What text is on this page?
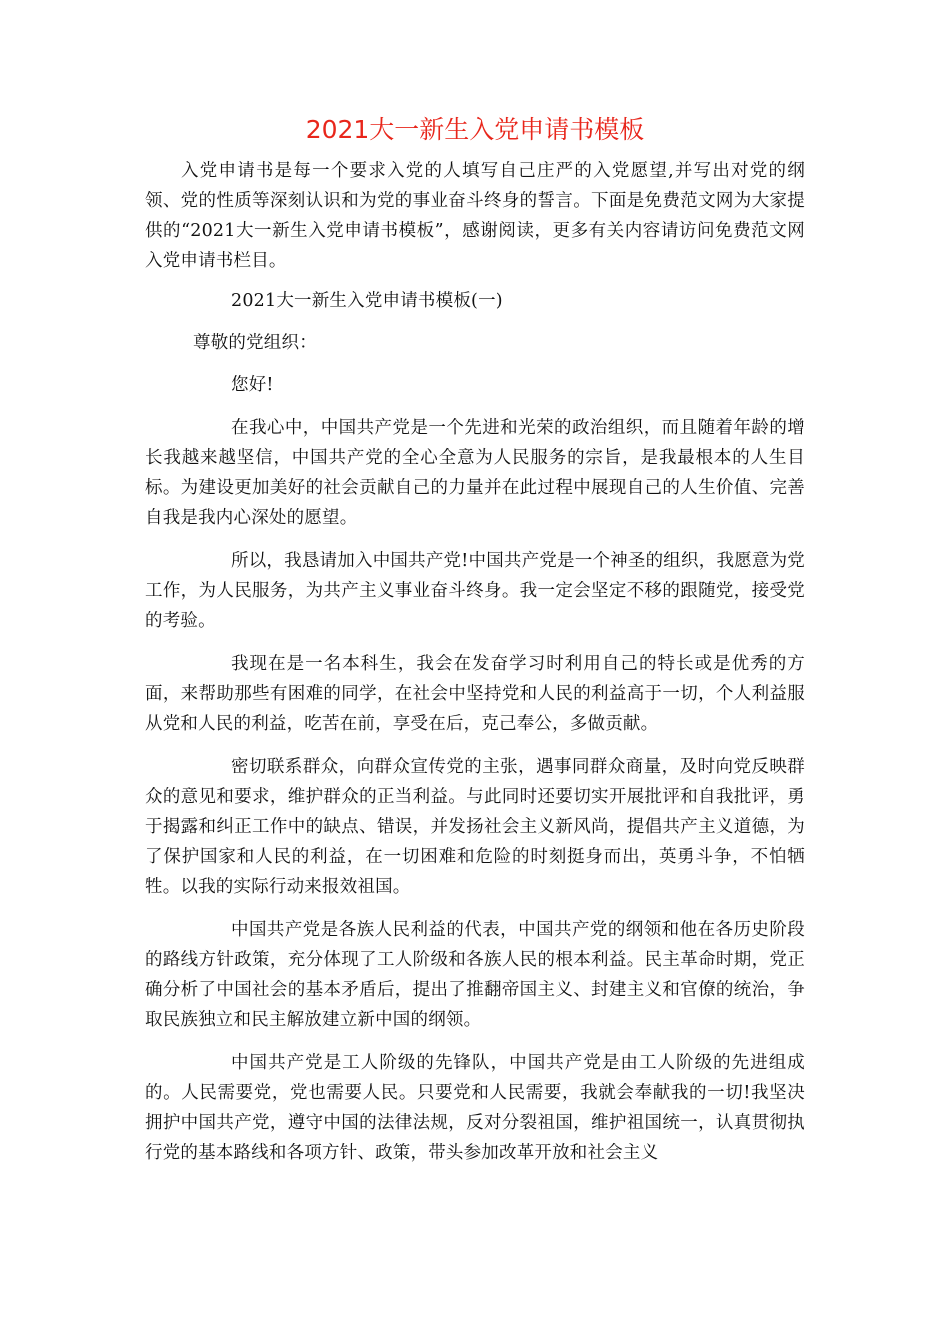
2021大一新生入党申请书模板

入党申请书是每一个要求入党的人填写自己庄严的入党愿望,并写出对党的纲领、党的性质等深刻认识和为党的事业奋斗终身的誓言。下面是免费范文网为大家提供的“2021大一新生入党申请书模板”，感谢阅读，更多有关内容请访问免费范文网入党申请书栏目。

2021大一新生入党申请书模板(一)

尊敬的党组织：

您好!

在我心中，中国共产党是一个先进和光荣的政治组织，而且随着年龄的增长我越来越坚信，中国共产党的全心全意为人民服务的宗旨，是我最根本的人生目标。为建设更加美好的社会贡献自己的力量并在此过程中展现自己的人生价值、完善自我是我内心深处的愿望。

所以，我恳请加入中国共产党!中国共产党是一个神圣的组织，我愿意为党工作，为人民服务，为共产主义事业奋斗终身。我一定会坚定不移的跟随党，接受党的考验。

我现在是一名本科生，我会在发奋学习时利用自己的特长或是优秀的方面，来帮助那些有困难的同学，在社会中坚持党和人民的利益高于一切，个人利益服从党和人民的利益，吃苦在前，享受在后，克己奉公，多做贡献。

密切联系群众，向群众宣传党的主张，遇事同群众商量，及时向党反映群众的意见和要求，维护群众的正当利益。与此同时还要切实开展批评和自我批评，勇于揭露和纠正工作中的缺点、错误，并发扬社会主义新风尚，提倡共产主义道德，为了保护国家和人民的利益，在一切困难和危险的时刻挺身而出，英勇斗争，不怕牺牲。以我的实际行动来报效祖国。

中国共产党是各族人民利益的代表，中国共产党的纲领和他在各历史阶段的路线方针政策，充分体现了工人阶级和各族人民的根本利益。民主革命时期，党正确分析了中国社会的基本矛盾后，提出了推翻帝国主义、封建主义和官僚的统治，争取民族独立和民主解放建立新中国的纲领。

中国共产党是工人阶级的先锋队，中国共产党是由工人阶级的先进组成的。人民需要党，党也需要人民。只要党和人民需要，我就会奉献我的一切!我坚决拥护中国共产党，遵守中国的法律法规，反对分裂祖国，维护祖国统一，认真贯彻执行党的基本路线和各项方针、政策，带头参加改革开放和社会主义
